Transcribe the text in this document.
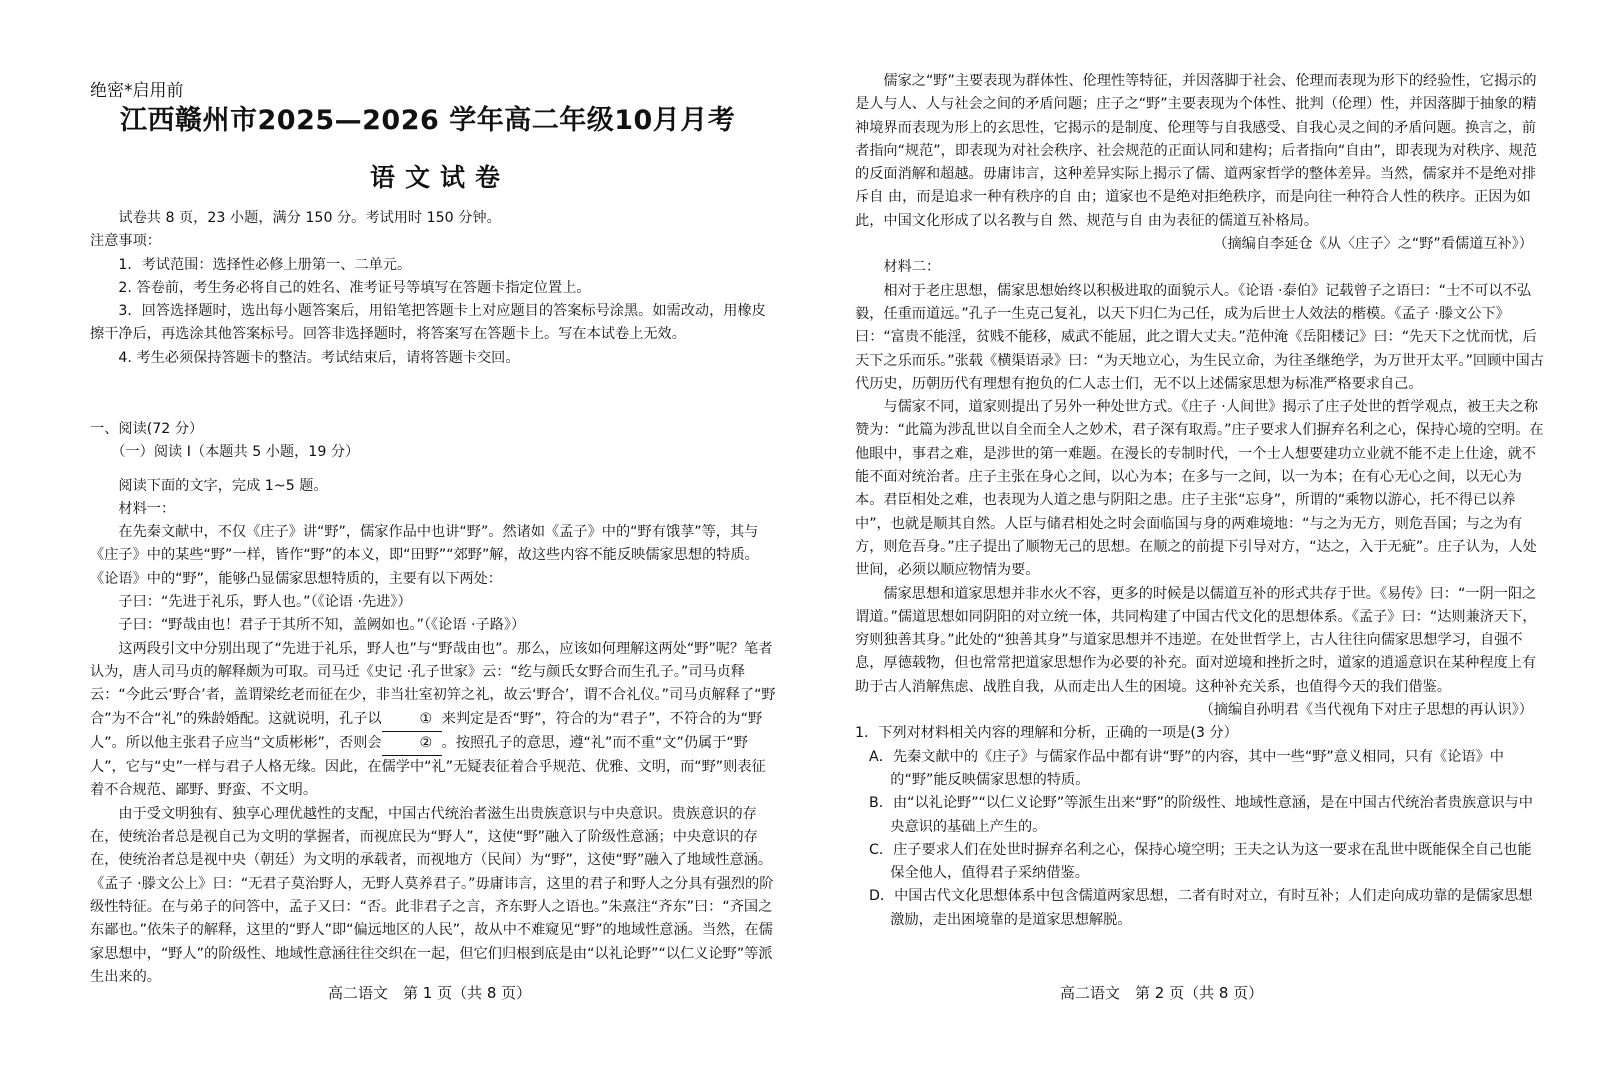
绝密*启用前
江西赣州市2025—2026 学年高二年级10月月考
语文试卷

试卷共 8 页，23 小题，满分 150 分。考试用时 150 分钟。

注意事项：

1．考试范围：选择性必修上册第一、二单元。

2. 答卷前，考生务必将自己的姓名、准考证号等填写在答题卡指定位置上。

3．回答选择题时，选出每小题答案后，用铅笔把答题卡上对应题目的答案标号涂黑。如需改动，用橡皮擦干净后，再选涂其他答案标号。回答非选择题时，将答案写在答题卡上。写在本试卷上无效。

4. 考生必须保持答题卡的整洁。考试结束后，请将答题卡交回。

一、阅读(72 分）

（一）阅读 Ⅰ（本题共 5 小题，19 分）

阅读下面的文字，完成 1~5 题。

材料一：

在先秦文献中，不仅《庄子》讲“野”，儒家作品中也讲“野”。然诸如《孟子》中的“野有饿莩”等，其与《庄子》中的某些“野”一样，皆作“野”的本义，即“田野”“郊野”解，故这些内容不能反映儒家思想的特质。《论语》中的“野”，能够凸显儒家思想特质的，主要有以下两处：

子曰：“先进于礼乐，野人也。”（《论语 ·先进》）

子曰：“野哉由也！君子于其所不知，盖阙如也。”（《论语 ·子路》）

这两段引文中分别出现了“先进于礼乐，野人也”与“野哉由也”。那么，应该如何理解这两处“野”呢？笔者认为，唐人司马贞的解释颇为可取。司马迁《史记 ·孔子世家》云：“纥与颜氏女野合而生孔子。”司马贞释云：“今此云‘野合’者，盖谓梁纥老而征在少，非当壮室初笄之礼，故云‘野合’，谓不合礼仪。”司马贞解释了“野合”为不合“礼”的殊龄婚配。这就说明，孔子以	① 来判定是否“野”，符合的为“君子”，不符合的为“野人”。所以他主张君子应当“文质彬彬”，否则会	② 。按照孔子的意思，遵“礼”而不重“文”仍属于“野人”，它与“史”一样与君子人格无缘。因此，在儒学中“礼”无疑表征着合乎规范、优雅、文明，而“野”则表征着不合规范、鄙野、野蛮、不文明。

由于受文明独有、独享心理优越性的支配，中国古代统治者滋生出贵族意识与中央意识。贵族意识的存在，使统治者总是视自己为文明的掌握者，而视庶民为“野人”，这使“野”融入了阶级性意涵；中央意识的存在，使统治者总是视中央（朝廷）为文明的承载者，而视地方（民间）为“野”，这使“野”融入了地域性意涵。《孟子 ·滕文公上》曰：“无君子莫治野人，无野人莫养君子。”毋庸讳言，这里的君子和野人之分具有强烈的阶级性特征。在与弟子的问答中，孟子又曰：“否。此非君子之言，齐东野人之语也。”朱熹注“齐东”曰：“齐国之东鄙也。”依朱子的解释，这里的“野人”即“偏远地区的人民”，故从中不难窥见“野”的地域性意涵。当然，在儒家思想中，“野人”的阶级性、地域性意涵往往交织在一起，但它们归根到底是由“以礼论野”“以仁义论野”等派生出来的。

儒家之“野”主要表现为群体性、伦理性等特征，并因落脚于社会、伦理而表现为形下的经验性，它揭示的是人与人、人与社会之间的矛盾问题；庄子之“野”主要表现为个体性、批判（伦理）性，并因落脚于抽象的精神境界而表现为形上的玄思性，它揭示的是制度、伦理等与自我感受、自我心灵之间的矛盾问题。换言之，前者指向“规范”，即表现为对社会秩序、社会规范的正面认同和建构；后者指向“自由”，即表现为对秩序、规范的反面消解和超越。毋庸讳言，这种差异实际上揭示了儒、道两家哲学的整体差异。当然，儒家并不是绝对排斥自 由，而是追求一种有秩序的自 由；道家也不是绝对拒绝秩序，而是向往一种符合人性的秩序。正因为如此，中国文化形成了以名教与自 然、规范与自 由为表征的儒道互补格局。

（摘编自李延仓《从〈庄子〉之“野”看儒道互补》）

材料二：

相对于老庄思想，儒家思想始终以积极进取的面貌示人。《论语 ·泰伯》记载曾子之语曰：“士不可以不弘毅，任重而道远。”孔子一生克己复礼，以天下归仁为己任，成为后世士人效法的楷模。《孟子 ·滕文公下》曰：“富贵不能淫，贫贱不能移，威武不能屈，此之谓大丈夫。”范仲淹《岳阳楼记》曰：“先天下之忧而忧，后天下之乐而乐。”张载《横渠语录》曰：“为天地立心，为生民立命，为往圣继绝学，为万世开太平。”回顾中国古代历史，历朝历代有理想有抱负的仁人志士们，无不以上述儒家思想为标准严格要求自己。

与儒家不同，道家则提出了另外一种处世方式。《庄子 ·人间世》揭示了庄子处世的哲学观点，被王夫之称赞为：“此篇为涉乱世以自全而全人之妙术，君子深有取焉。”庄子要求人们摒弃名利之心，保持心境的空明。在他眼中，事君之难，是涉世的第一难题。在漫长的专制时代，一个士人想要建功立业就不能不走上仕途，就不能不面对统治者。庄子主张在身心之间，以心为本；在多与一之间，以一为本；在有心无心之间，以无心为本。君臣相处之难，也表现为人道之患与阴阳之患。庄子主张“忘身”，所谓的“乘物以游心，托不得已以养中”，也就是顺其自然。人臣与储君相处之时会面临国与身的两难境地：“与之为无方，则危吾国；与之为有方，则危吾身。”庄子提出了顺物无己的思想。在顺之的前提下引导对方，“达之，入于无疵”。庄子认为，人处世间，必须以顺应物情为要。

儒家思想和道家思想并非水火不容，更多的时候是以儒道互补的形式共存于世。《易传》曰：“一阴一阳之谓道。”儒道思想如同阴阳的对立统一体，共同构建了中国古代文化的思想体系。《孟子》曰：“达则兼济天下，穷则独善其身。”此处的“独善其身”与道家思想并不违逆。在处世哲学上，古人往往向儒家思想学习，自强不息，厚德载物，但也常常把道家思想作为必要的补充。面对逆境和挫折之时，道家的逍遥意识在某种程度上有助于古人消解焦虑、战胜自我，从而走出人生的困境。这种补充关系，也值得今天的我们借鉴。

（摘编自孙明君《当代视角下对庄子思想的再认识》）

1．下列对材料相关内容的理解和分析，正确的一项是(3 分）

A．先秦文献中的《庄子》与儒家作品中都有讲“野”的内容，其中一些“野”意义相同，只有《论语》中的“野”能反映儒家思想的特质。

B．由“以礼论野”“以仁义论野”等派生出来“野”的阶级性、地域性意涵，是在中国古代统治者贵族意识与中央意识的基础上产生的。

C．庄子要求人们在处世时摒弃名利之心，保持心境空明；王夫之认为这一要求在乱世中既能保全自己也能保全他人，值得君子采纳借鉴。

D．中国古代文化思想体系中包含儒道两家思想，二者有时对立，有时互补；人们走向成功靠的是儒家思想激励，走出困境靠的是道家思想解脱。

高二语文　第 1 页（共 8 页）	高二语文　第 2 页（共 8 页）
